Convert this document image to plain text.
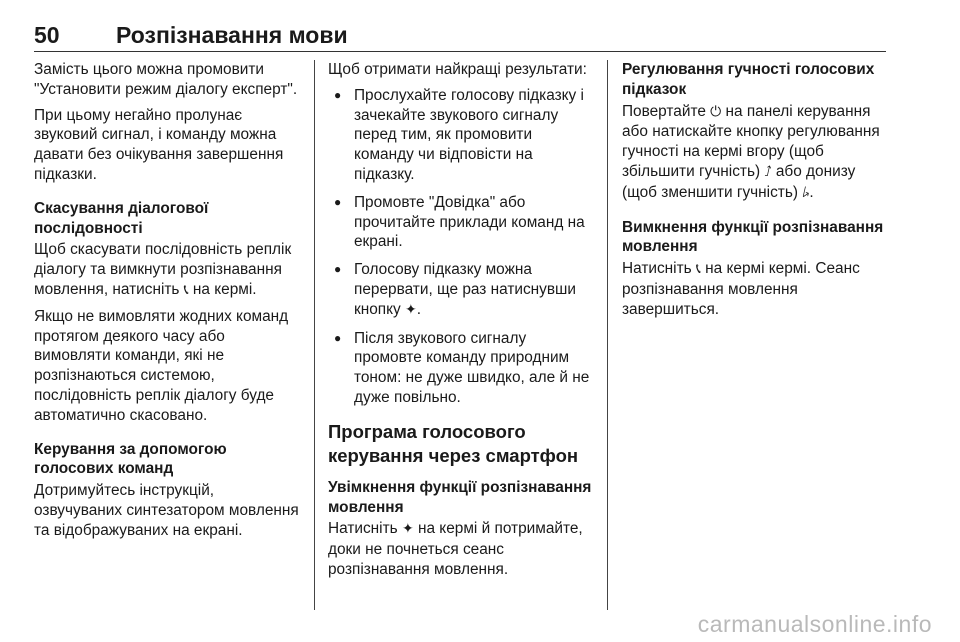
50 Розпізнавання мови

Замість цього можна промовити "Установити режим діалогу експерт".

При цьому негайно пролунає звуковий сигнал, і команду можна давати без очікування завершення підказки.

Скасування діалогової послідовності

Щоб скасувати послідовність реплік діалогу та вимкнути розпізнавання мовлення, натисніть 📞︎ на кермі.

Якщо не вимовляти жодних команд протягом деякого часу або вимовляти команди, які не розпізнаються системою, послідовність реплік діалогу буде автоматично скасовано.

Керування за допомогою голосових команд

Дотримуйтесь інструкцій, озвучуваних синтезатором мовлення та відображуваних на екрані.

Щоб отримати найкращі результати:

● Прослухайте голосову підказку і зачекайте звукового сигналу перед тим, як промовити команду чи відповісти на підказку.
● Промовте "Довідка" або прочитайте приклади команд на екрані.
● Голосову підказку можна перервати, ще раз натиснувши кнопку ✦.
● Після звукового сигналу промовте команду природним тоном: не дуже швидко, але й не дуже повільно.

Програма голосового керування через смартфон

Увімкнення функції розпізнавання мовлення

Натисніть ✦ на кермі й потримайте, доки не почнеться сеанс розпізнавання мовлення.

Регулювання гучності голосових підказок

Повертайте ⏻ на панелі керування або натискайте кнопку регулювання гучності на кермі вгору (щоб збільшити гучність) ⭜ або донизу (щоб зменшити гучність) ⭞.

Вимкнення функції розпізнавання мовлення

Натисніть 📞︎ на кермі кермі. Сеанс розпізнавання мовлення завершиться.

carmanualsonline.info
